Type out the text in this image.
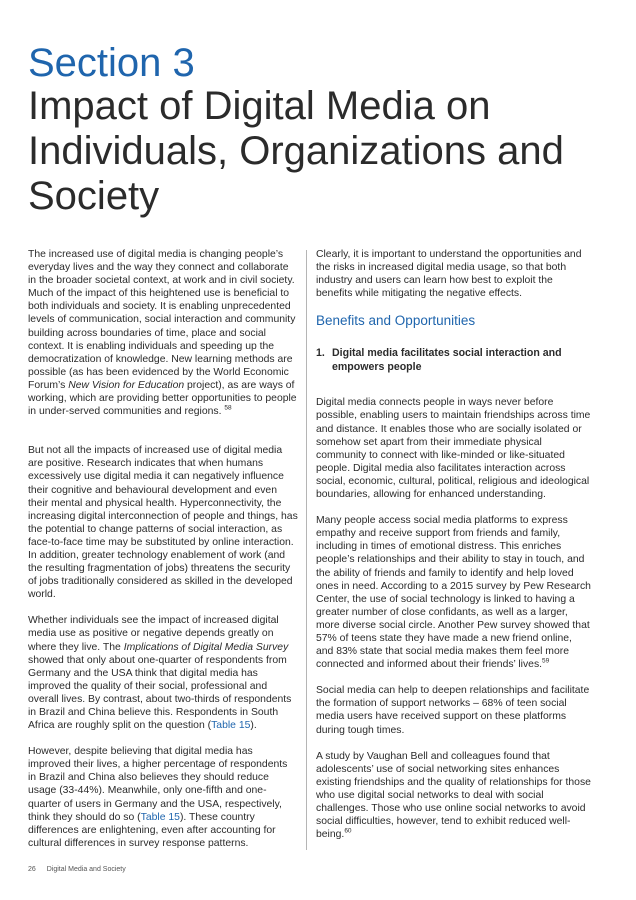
Section 3
Impact of Digital Media on Individuals, Organizations and Society

The increased use of digital media is changing people’s everyday lives and the way they connect and collaborate in the broader societal context, at work and in civil society. Much of the impact of this heightened use is beneficial to both individuals and society. It is enabling unprecedented levels of communication, social interaction and community building across boundaries of time, place and social context. It is enabling individuals and speeding up the democratization of knowledge. New learning methods are possible (as has been evidenced by the World Economic Forum’s New Vision for Education project), as are ways of working, which are providing better opportunities to people in under-served communities and regions. $^{58}$

But not all the impacts of increased use of digital media are positive. Research indicates that when humans excessively use digital media it can negatively influence their cognitive and behavioural development and even their mental and physical health. Hyperconnectivity, the increasing digital interconnection of people and things, has the potential to change patterns of social interaction, as face-to-face time may be substituted by online interaction. In addition, greater technology enablement of work (and the resulting fragmentation of jobs) threatens the security of jobs traditionally considered as skilled in the developed world.

Whether individuals see the impact of increased digital media use as positive or negative depends greatly on where they live. The Implications of Digital Media Survey showed that only about one-quarter of respondents from Germany and the USA think that digital media has improved the quality of their social, professional and overall lives. By contrast, about two-thirds of respondents in Brazil and China believe this. Respondents in South Africa are roughly split on the question (Table 15).

However, despite believing that digital media has improved their lives, a higher percentage of respondents in Brazil and China also believes they should reduce usage (33-44%). Meanwhile, only one-fifth and one-quarter of users in Germany and the USA, respectively, think they should do so (Table 15). These country differences are enlightening, even after accounting for cultural differences in survey response patterns.

Clearly, it is important to understand the opportunities and the risks in increased digital media usage, so that both industry and users can learn how best to exploit the benefits while mitigating the negative effects.

Benefits and Opportunities
1. Digital media facilitates social interaction and empowers people

Digital media connects people in ways never before possible, enabling users to maintain friendships across time and distance. It enables those who are socially isolated or somehow set apart from their immediate physical community to connect with like-minded or like-situated people. Digital media also facilitates interaction across social, economic, cultural, political, religious and ideological boundaries, allowing for enhanced understanding.

Many people access social media platforms to express empathy and receive support from friends and family, including in times of emotional distress. This enriches people’s relationships and their ability to stay in touch, and the ability of friends and family to identify and help loved ones in need. According to a 2015 survey by Pew Research Center, the use of social technology is linked to having a greater number of close confidants, as well as a larger, more diverse social circle. Another Pew survey showed that 57% of teens state they have made a new friend online, and 83% state that social media makes them feel more connected and informed about their friends’ lives.$^{59}$

Social media can help to deepen relationships and facilitate the formation of support networks – 68% of teen social media users have received support on these platforms during tough times.

A study by Vaughan Bell and colleagues found that adolescents’ use of social networking sites enhances existing friendships and the quality of relationships for those who use digital social networks to deal with social challenges. Those who use online social networks to avoid social difficulties, however, tend to exhibit reduced well-being.$^{60}$

26 Digital Media and Society
